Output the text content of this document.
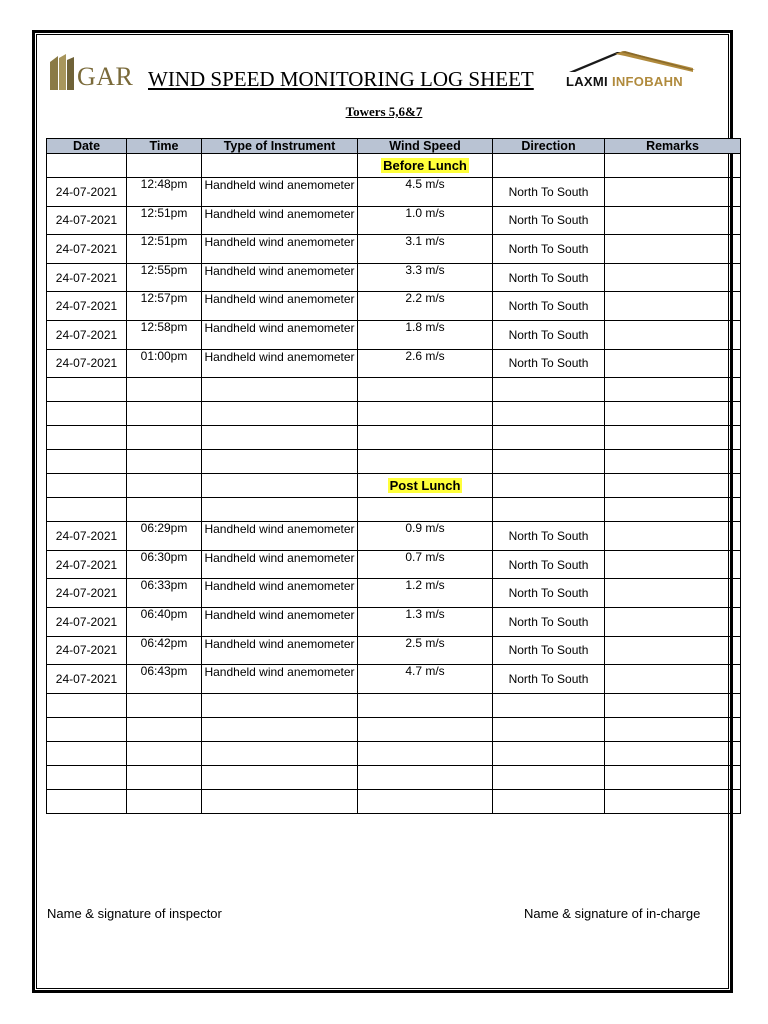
GAR WIND SPEED MONITORING LOG SHEET LAXMI INFOBAHN
Towers 5,6&7
Date	Time	Type of Instrument	Wind Speed	Direction	Remarks
			Before Lunch		
24-07-2021	12:48pm	Handheld wind anemometer	4.5 m/s	North To South	
24-07-2021	12:51pm	Handheld wind anemometer	1.0 m/s	North To South	
24-07-2021	12:51pm	Handheld wind anemometer	3.1 m/s	North To South	
24-07-2021	12:55pm	Handheld wind anemometer	3.3 m/s	North To South	
24-07-2021	12:57pm	Handheld wind anemometer	2.2 m/s	North To South	
24-07-2021	12:58pm	Handheld wind anemometer	1.8 m/s	North To South	
24-07-2021	01:00pm	Handheld wind anemometer	2.6 m/s	North To South	

			Post Lunch		

24-07-2021	06:29pm	Handheld wind anemometer	0.9 m/s	North To South	
24-07-2021	06:30pm	Handheld wind anemometer	0.7 m/s	North To South	
24-07-2021	06:33pm	Handheld wind anemometer	1.2 m/s	North To South	
24-07-2021	06:40pm	Handheld wind anemometer	1.3 m/s	North To South	
24-07-2021	06:42pm	Handheld wind anemometer	2.5 m/s	North To South	
24-07-2021	06:43pm	Handheld wind anemometer	4.7 m/s	North To South	

Name & signature of inspector	Name & signature of in-charge
